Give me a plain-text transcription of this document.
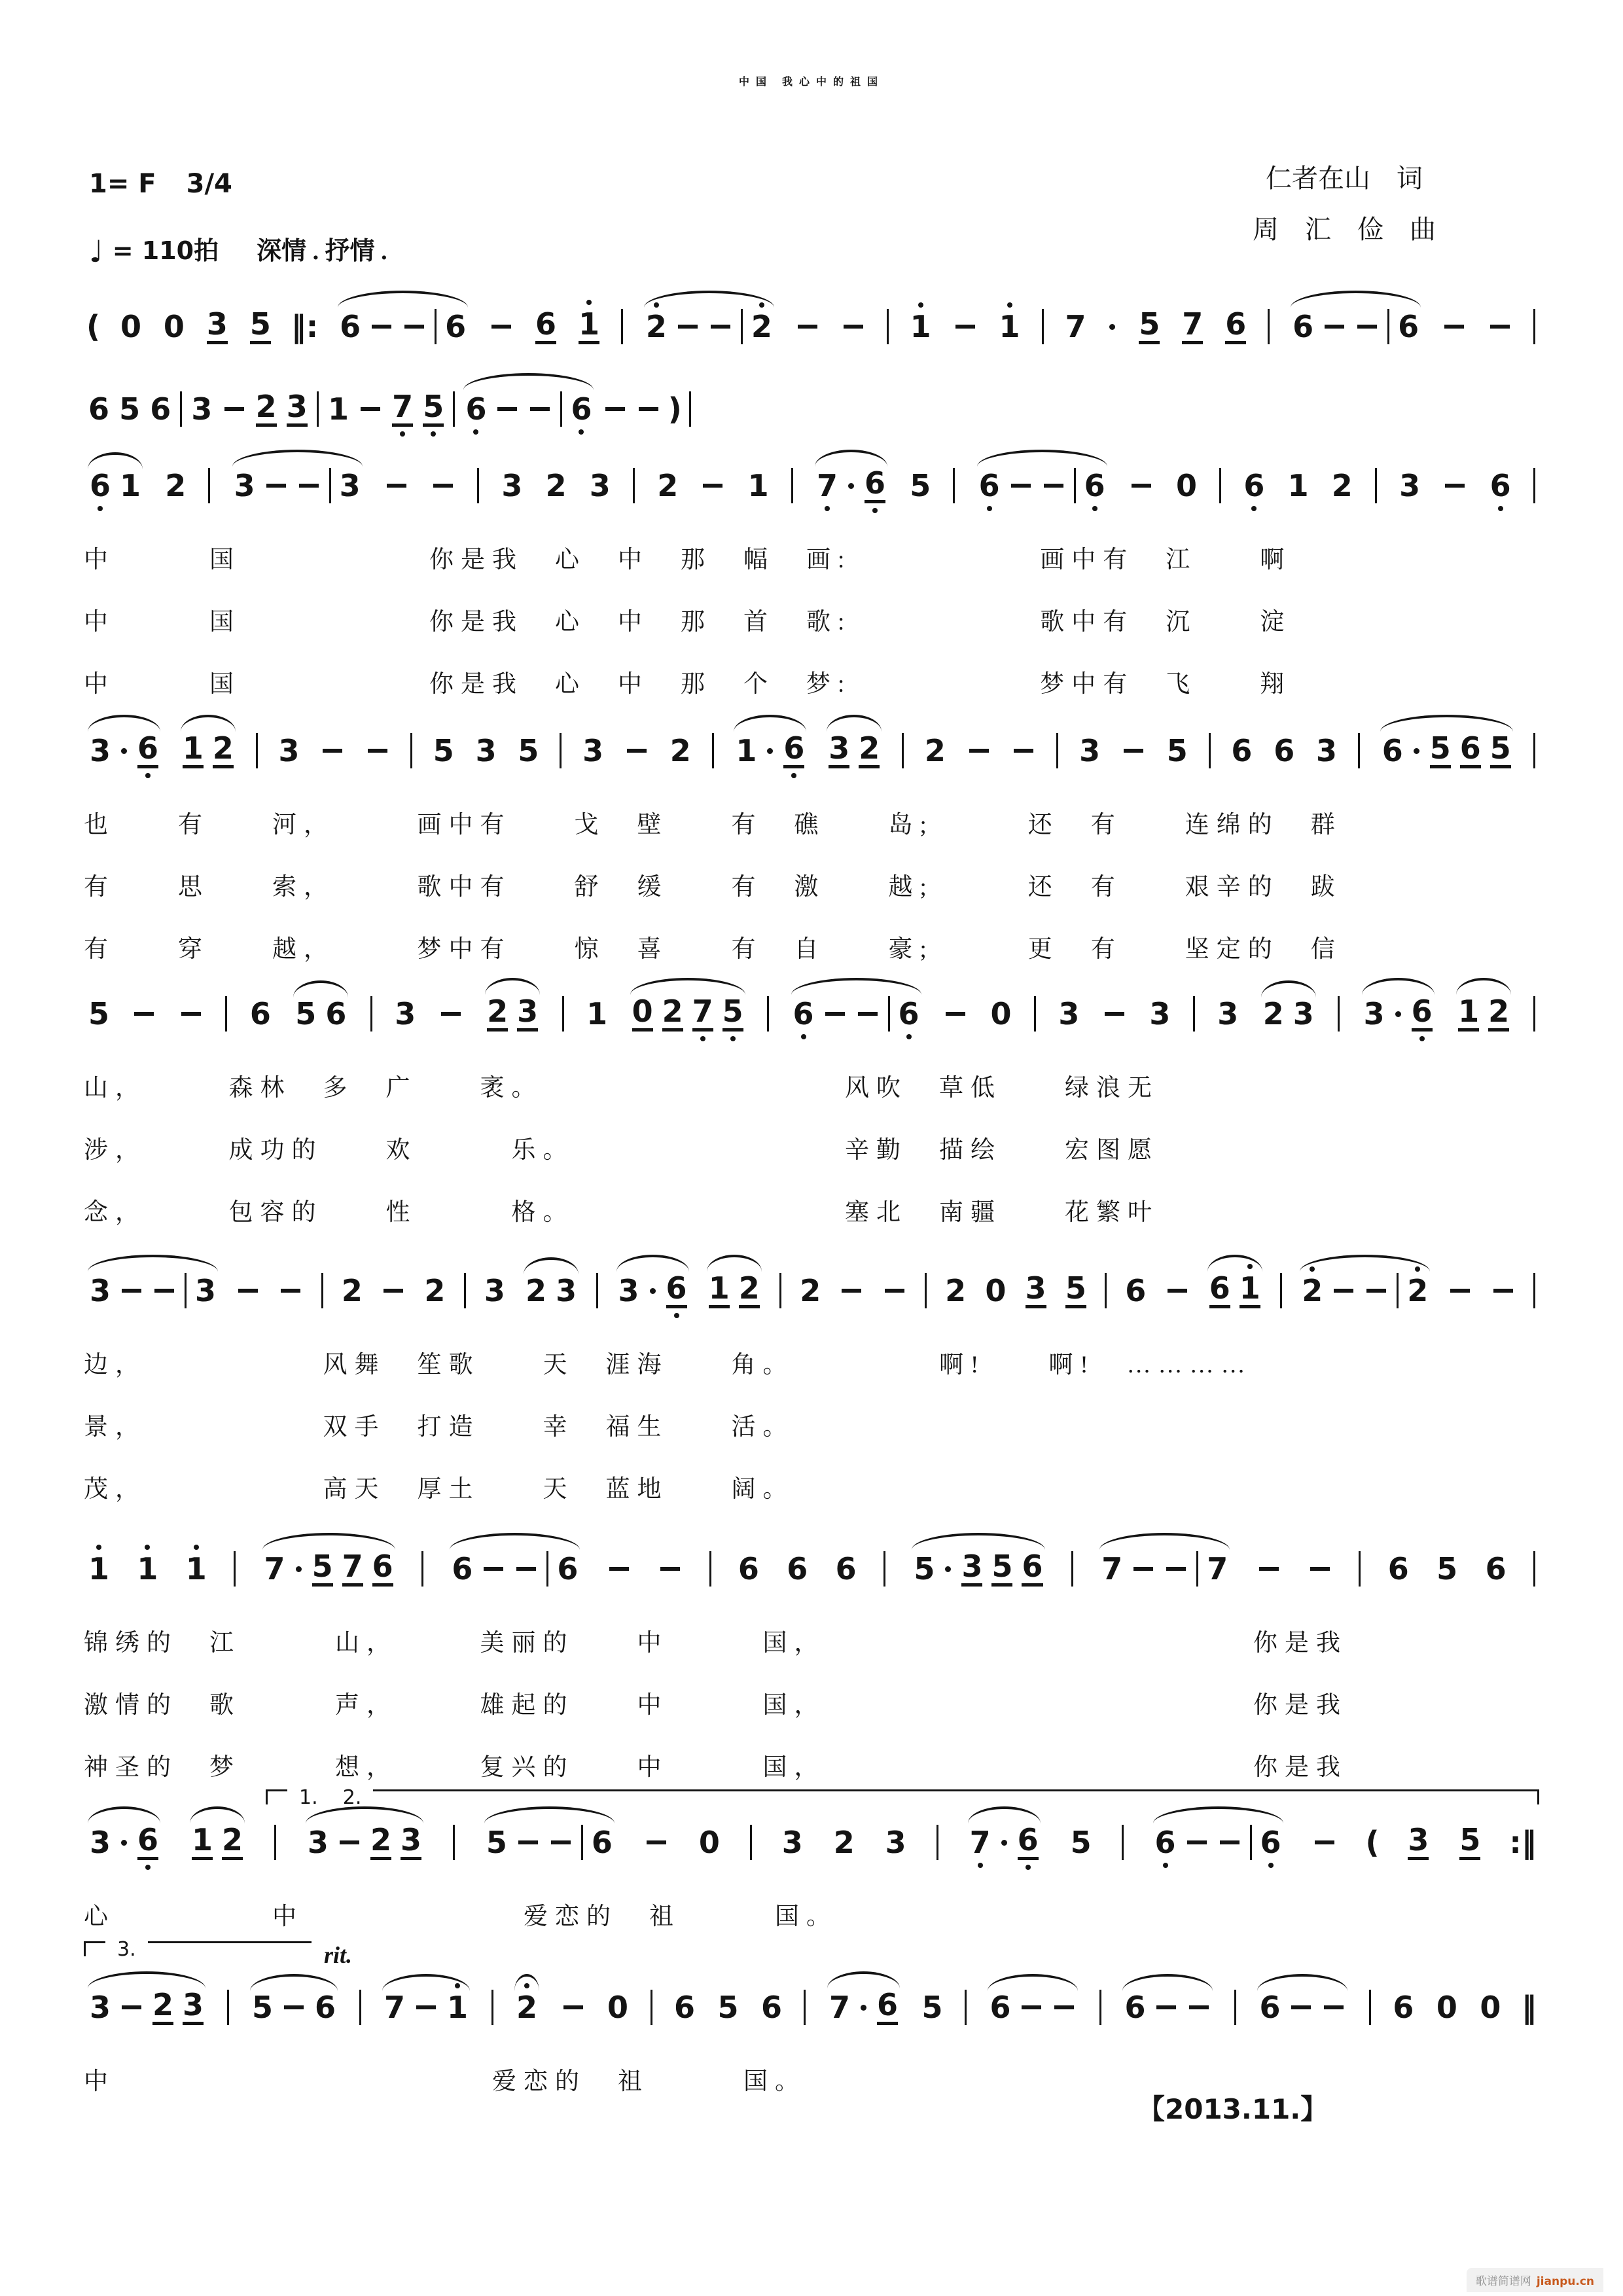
中国 我心中的祖国
1= F 3/4	仁者在山　词
周　汇　俭　曲
♩ = 110拍 深情 . 抒情 .
( 0 0 3 5 ‖: 6	6 6 1 2	2	1 1 7 5 7 6 6	6
6 5 6 3 2 3 1 7 5 6	6	)
6 1 2 3	3	3 2 3 2 1 7 6 5 6	6 0 6 1 2 3 6
中　　　国　　　　　　你是我　心　中　那　幅　画:　　　　　　画中有　江　　啊
中　　　国　　　　　　你是我　心　中　那　首　歌:　　　　　　歌中有　沉　　淀
中　　　国　　　　　　你是我　心　中　那　个　梦:　　　　　　梦中有　飞　　翔
3 6 1 2 3	5 3 5 3 2 1 6 3 2 2	3 5 6 6 3 6 5 6 5
也　　有　　河，　　　画中有　　戈　壁　　有　礁　　岛;　　　还　有　　连绵的　群
有　　思　　索，　　　歌中有　　舒　缓　　有　激　　越;　　　还　有　　艰辛的　跋
有　　穿　　越，　　　梦中有　　惊　喜　　有　自　　豪;　　　更　有　　坚定的　信
5	6 5 6 3 2 3 1 0 2 7 5 6	6 0 3 3 3 2 3 3 6 1 2
山，　　　森林　多　广　　袤。　　　　　　　　　　风吹　草低　　绿浪无
涉，　　　成功的　　欢　　　乐。　　　　　　　　　辛勤　描绘　　宏图愿
念，　　　包容的　　性　　　格。　　　　　　　　　塞北　南疆　　花繁叶
3	3	2 2 3 2 3 3 6 1 2 2	2 0 3 5 6 6 1 2	2
边，　　　　　　风舞　笙歌　　天　涯海　　角。　　　　　啊!　　啊!　…………
景，　　　　　　双手　打造　　幸　福生　　活。
茂，　　　　　　高天　厚土　　天　蓝地　　阔。
1 1 1 7 5 7 6 6	6	6 6 6 5 3 5 6 7	7	6 5 6
锦绣的　江　　　山，　　　美丽的　　中　　　国，　　　　　　　　　　　　　　你是我
激情的　歌　　　声，　　　雄起的　　中　　　国，　　　　　　　　　　　　　　你是我
神圣的　梦　　　想，　　　复兴的　　中　　　国，　　　　　　　　　　　　　　你是我
1.    2.
3 6 1 2 3 2 3 5	6	0 3 2 3 7 6 5 6	6	( 3 5 :‖
心　　　　　中　　　　　　　爱恋的　祖　　　国。
3.	rit.
3 2 3 5 6 7 1 2 0 6 5 6 7 6 5 6	6	6	6 0 0 ‖
中　　　　　　　　　　　　爱恋的　祖　　　国。
【2013.11.】
歌谱简谱网 jianpu.cn
